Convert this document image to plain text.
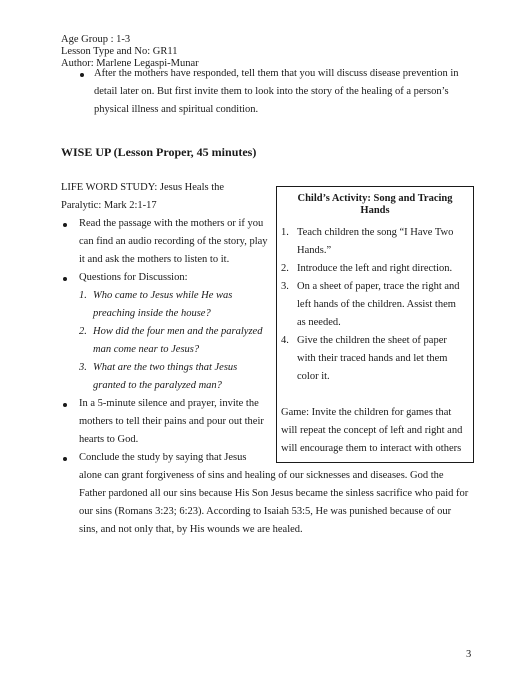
Age Group : 1-3
Lesson Type and No: GR11
Author: Marlene Legaspi-Munar
After the mothers have responded, tell them that you will discuss disease prevention in
detail later on. But first invite them to look into the story of the healing of a person’s
physical illness and spiritual condition.
WISE UP (Lesson Proper, 45 minutes)
LIFE WORD STUDY: Jesus Heals the
Paralytic: Mark 2:1-17
Read the passage with the mothers or if you
can find an audio recording of the story, play
it and ask the mothers to listen to it.
Questions for Discussion:
1. Who came to Jesus while He was
preaching inside the house?
2. How did the four men and the paralyzed
man come near to Jesus?
3. What are the two things that Jesus
granted to the paralyzed man?
In a 5-minute silence and prayer, invite the
mothers to tell their pains and pour out their
hearts to God.
Conclude the study by saying that Jesus
alone can grant forgiveness of sins and healing of our sicknesses and diseases. God the
Father pardoned all our sins because His Son Jesus became the sinless sacrifice who paid for
our sins (Romans 3:23; 6:23). According to Isaiah 53:5, He was punished because of our
sins, and not only that, by His wounds we are healed.
Child’s Activity: Song and Tracing
Hands
1. Teach children the song “I Have Two
Hands.”
2. Introduce the left and right direction.
3. On a sheet of paper, trace the right and
left hands of the children. Assist them
as needed.
4. Give the children the sheet of paper
with their traced hands and let them
color it.
Game: Invite the children for games that
will repeat the concept of left and right and
will encourage them to interact with others
3
